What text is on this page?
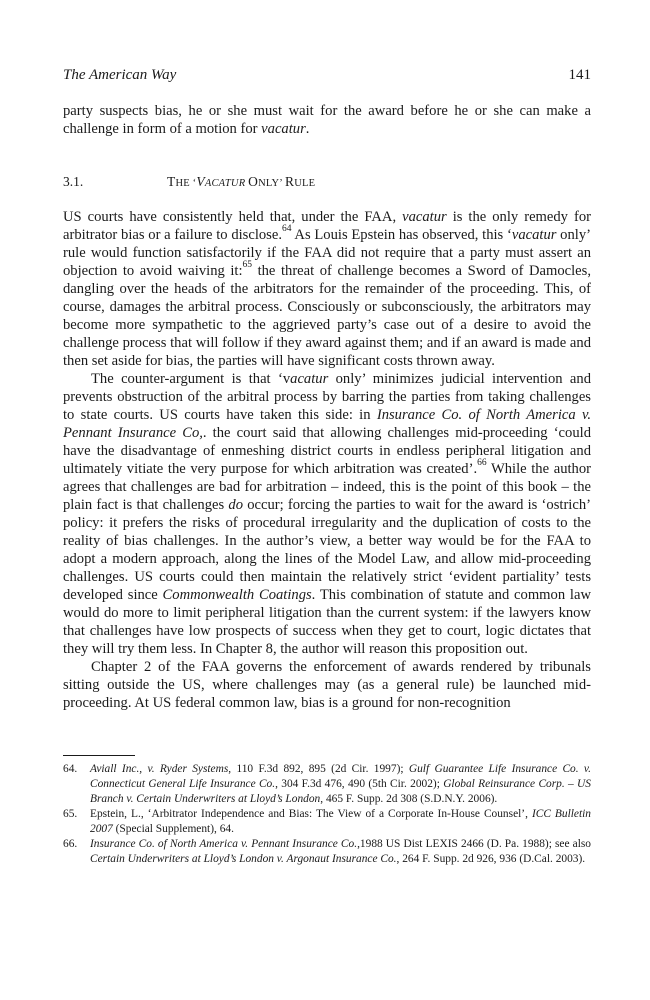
The American Way	141

party suspects bias, he or she must wait for the award before he or she can make a challenge in form of a motion for vacatur.

3.1.	THE ‘VACATUR ONLY’ RULE

US courts have consistently held that, under the FAA, vacatur is the only remedy for arbitrator bias or a failure to disclose.$^{64}$ As Louis Epstein has observed, this ‘vacatur only’ rule would function satisfactorily if the FAA did not require that a party must assert an objection to avoid waiving it:$^{65}$ the threat of challenge becomes a Sword of Damocles, dangling over the heads of the arbitrators for the remainder of the proceeding. This, of course, damages the arbitral process. Consciously or subconsciously, the arbitrators may become more sympathetic to the aggrieved party’s case out of a desire to avoid the challenge process that will follow if they award against them; and if an award is made and then set aside for bias, the parties will have significant costs thrown away.

The counter-argument is that ‘vacatur only’ minimizes judicial intervention and prevents obstruction of the arbitral process by barring the parties from taking challenges to state courts. US courts have taken this side: in Insurance Co. of North America v. Pennant Insurance Co,. the court said that allowing challenges mid-proceeding ‘could have the disadvantage of enmeshing district courts in endless peripheral litigation and ultimately vitiate the very purpose for which arbitration was created’.$^{66}$ While the author agrees that challenges are bad for arbitration – indeed, this is the point of this book – the plain fact is that challenges do occur; forcing the parties to wait for the award is ‘ostrich’ policy: it prefers the risks of procedural irregularity and the duplication of costs to the reality of bias challenges. In the author’s view, a better way would be for the FAA to adopt a modern approach, along the lines of the Model Law, and allow mid-proceeding challenges. US courts could then maintain the relatively strict ‘evident partiality’ tests developed since Commonwealth Coatings. This combination of statute and common law would do more to limit peripheral litigation than the current system: if the lawyers know that challenges have low prospects of success when they get to court, logic dictates that they will try them less. In Chapter 8, the author will reason this proposition out.

Chapter 2 of the FAA governs the enforcement of awards rendered by tribunals sitting outside the US, where challenges may (as a general rule) be launched mid-proceeding. At US federal common law, bias is a ground for non-recognition

64. Aviall Inc., v. Ryder Systems, 110 F.3d 892, 895 (2d Cir. 1997); Gulf Guarantee Life Insurance Co. v. Connecticut General Life Insurance Co., 304 F.3d 476, 490 (5th Cir. 2002); Global Reinsurance Corp. – US Branch v. Certain Underwriters at Lloyd’s London, 465 F. Supp. 2d 308 (S.D.N.Y. 2006).

65. Epstein, L., ‘Arbitrator Independence and Bias: The View of a Corporate In-House Counsel’, ICC Bulletin 2007 (Special Supplement), 64.

66. Insurance Co. of North America v. Pennant Insurance Co.,1988 US Dist LEXIS 2466 (D. Pa. 1988); see also Certain Underwriters at Lloyd’s London v. Argonaut Insurance Co., 264 F. Supp. 2d 926, 936 (D.Cal. 2003).
